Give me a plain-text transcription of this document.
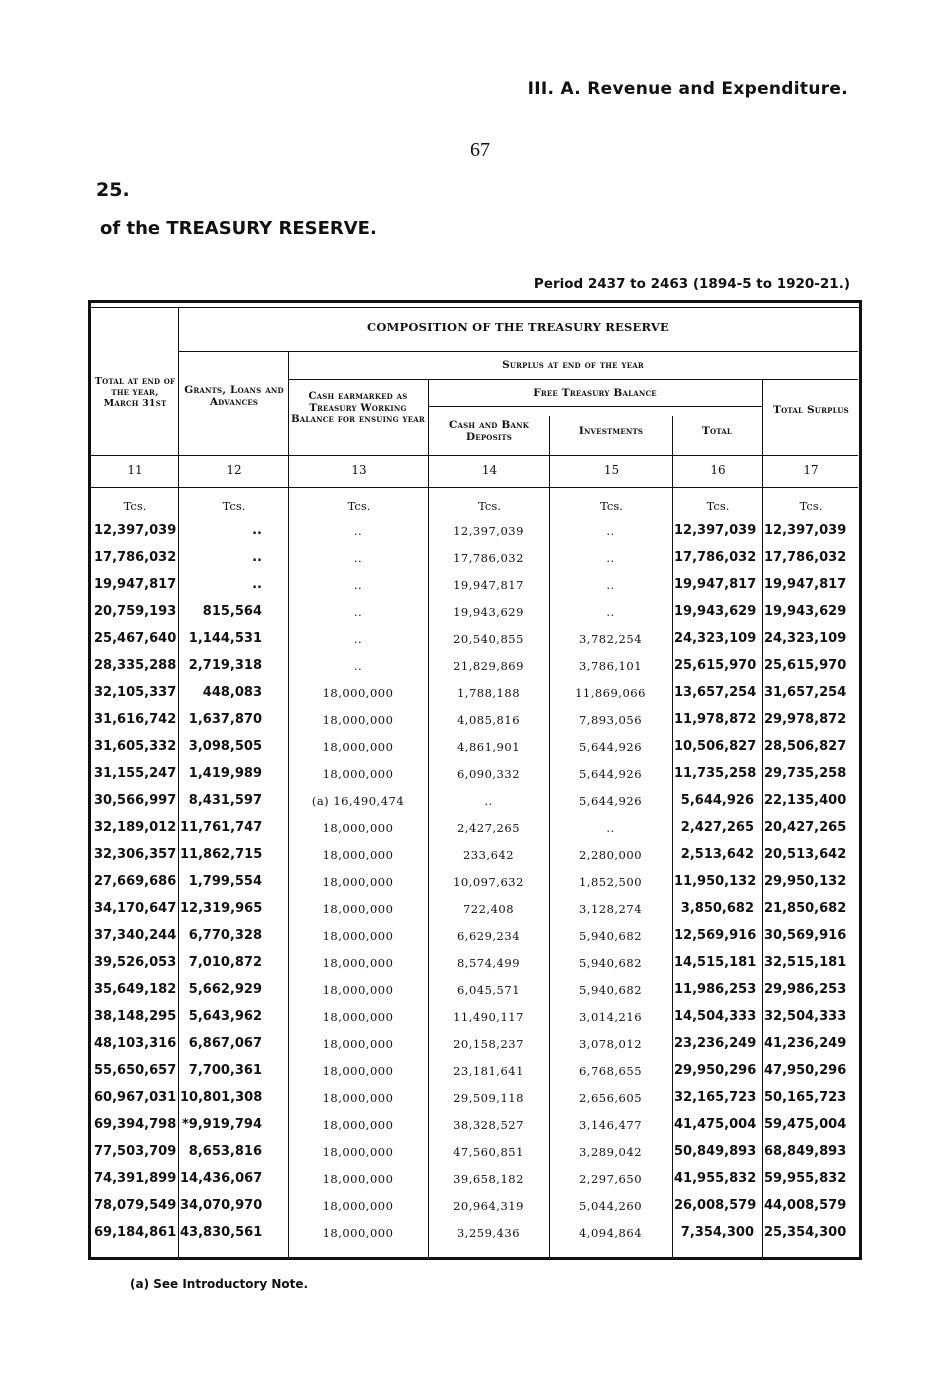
III. A. Revenue and Expenditure.
67
25.
of the TREASURY RESERVE.
Period 2437 to 2463 (1894-5 to 1920-21.)
COMPOSITION OF THE TREASURY RESERVE
Surplus at end of the year
Free Treasury Balance
Total at end of the year, March 31st
Grants, Loans and Advances	Cash earmarked as Treasury Working Balance for ensuing year	Cash and Bank Deposits	Investments	Total
Total Surplus
11	12	13	14	15	16	17
Tcs.	Tcs.	Tcs.	Tcs.	Tcs.	Tcs.	Tcs.
12,397,039	..	..	12,397,039	..	12,397,039 12,397,039
17,786,032	..	..	17,786,032	..	17,786,032 17,786,032
19,947,817	..	..	19,947,817	..	19,947,817 19,947,817
20,759,193	815,564	..	19,943,629	..	19,943,629 19,943,629
25,467,640 1,144,531	..	20,540,855	3,782,254	24,323,109 24,323,109
28,335,288 2,719,318	..	21,829,869	3,786,101	25,615,970 25,615,970
32,105,337	448,083	18,000,000	1,788,188	11,869,066	13,657,254 31,657,254
31,616,742 1,637,870	18,000,000	4,085,816	7,893,056	11,978,872 29,978,872
31,605,332 3,098,505	18,000,000	4,861,901	5,644,926	10,506,827 28,506,827
31,155,247 1,419,989	18,000,000	6,090,332	5,644,926	11,735,258 29,735,258
30,566,997 8,431,597	(a) 16,490,474	..	5,644,926	5,644,926 22,135,400
32,189,012 11,761,747	18,000,000	2,427,265	..	2,427,265 20,427,265
32,306,357 11,862,715	18,000,000	233,642	2,280,000	2,513,642 20,513,642
27,669,686 1,799,554	18,000,000	10,097,632	1,852,500	11,950,132 29,950,132
34,170,647 12,319,965	18,000,000	722,408	3,128,274	3,850,682 21,850,682
37,340,244 6,770,328	18,000,000	6,629,234	5,940,682	12,569,916 30,569,916
39,526,053 7,010,872	18,000,000	8,574,499	5,940,682	14,515,181 32,515,181
35,649,182 5,662,929	18,000,000	6,045,571	5,940,682	11,986,253 29,986,253
38,148,295 5,643,962	18,000,000	11,490,117	3,014,216	14,504,333 32,504,333
48,103,316 6,867,067	18,000,000	20,158,237	3,078,012	23,236,249 41,236,249
55,650,657 7,700,361	18,000,000	23,181,641	6,768,655	29,950,296 47,950,296
60,967,031 10,801,308	18,000,000	29,509,118	2,656,605	32,165,723 50,165,723
69,394,798 *9,919,794	18,000,000	38,328,527	3,146,477	41,475,004 59,475,004
77,503,709 8,653,816	18,000,000	47,560,851	3,289,042	50,849,893 68,849,893
74,391,899 14,436,067	18,000,000	39,658,182	2,297,650	41,955,832 59,955,832
78,079,549 34,070,970	18,000,000	20,964,319	5,044,260	26,008,579 44,008,579
69,184,861 43,830,561	18,000,000	3,259,436	4,094,864	7,354,300 25,354,300
(a) See Introductory Note.
